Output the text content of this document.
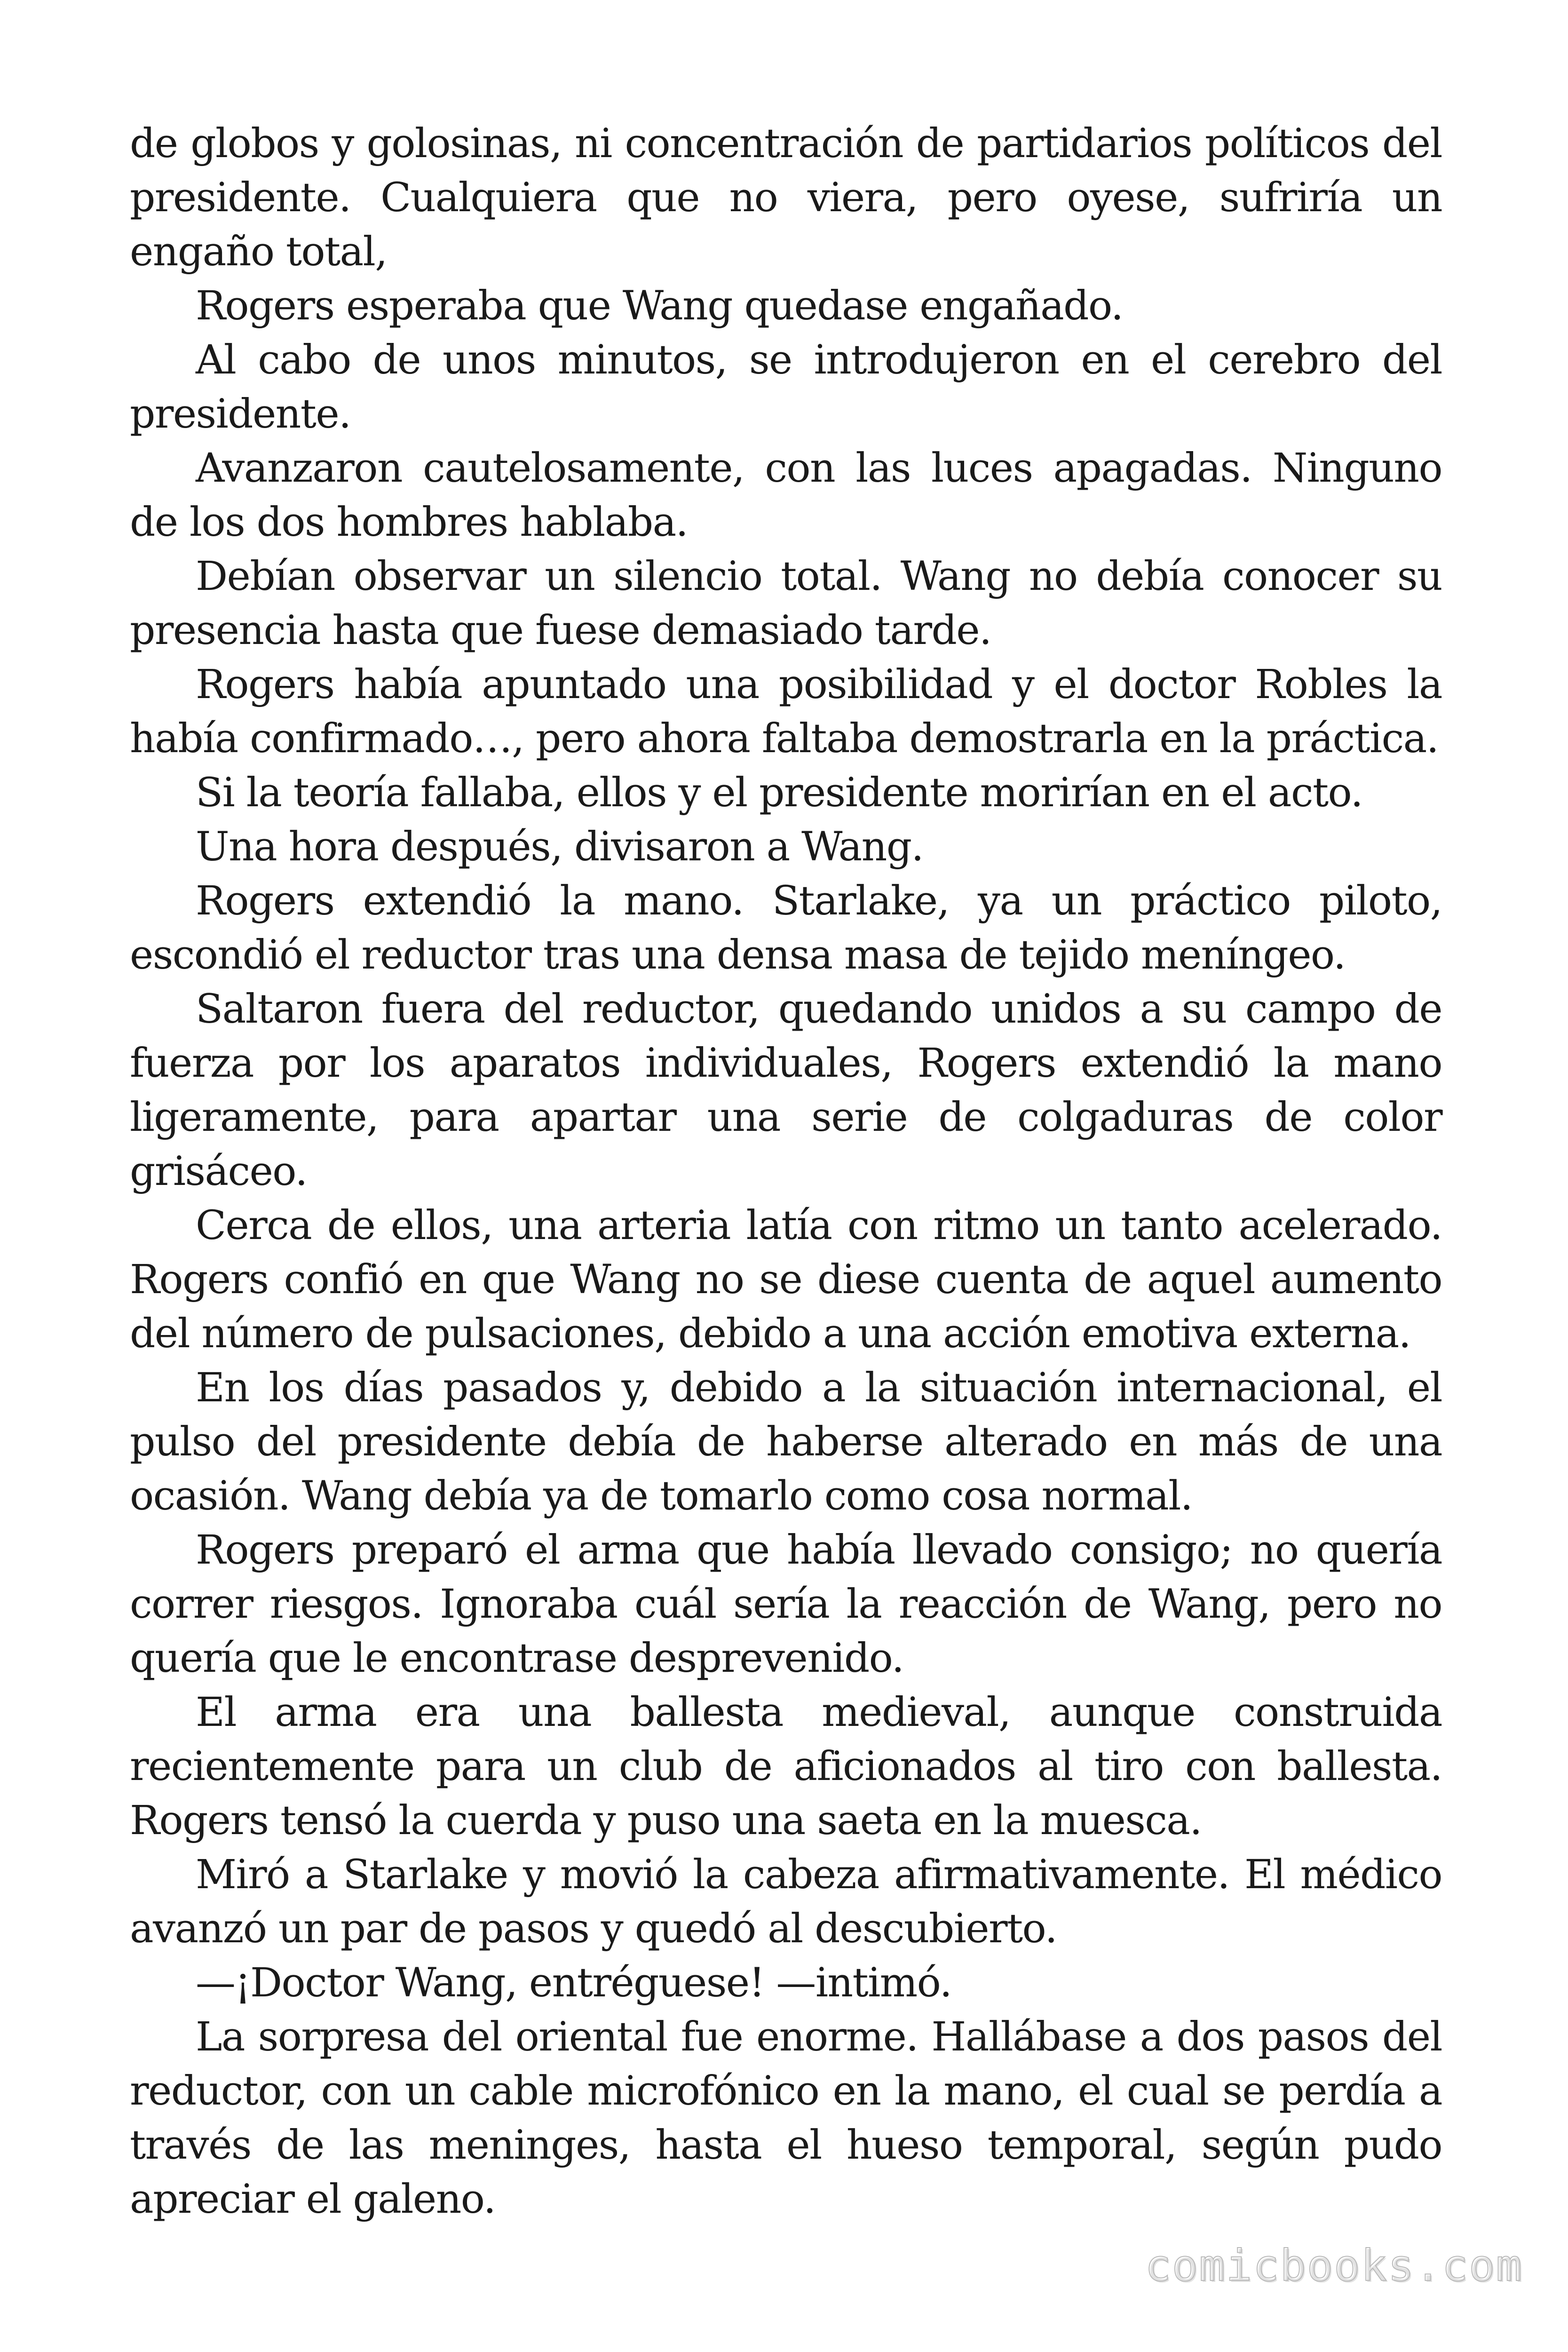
de globos y golosinas, ni concentración de partidarios políticos del presidente. Cualquiera que no viera, pero oyese, sufriría un engaño total,

Rogers esperaba que Wang quedase engañado.

Al cabo de unos minutos, se introdujeron en el cerebro del presidente.

Avanzaron cautelosamente, con las luces apagadas. Ninguno de los dos hombres hablaba.

Debían observar un silencio total. Wang no debía conocer su presencia hasta que fuese demasiado tarde.

Rogers había apuntado una posibilidad y el doctor Robles la había confirmado…, pero ahora faltaba demostrarla en la práctica.

Si la teoría fallaba, ellos y el presidente morirían en el acto.

Una hora después, divisaron a Wang.

Rogers extendió la mano. Starlake, ya un práctico piloto, escondió el reductor tras una densa masa de tejido meníngeo.

Saltaron fuera del reductor, quedando unidos a su campo de fuerza por los aparatos individuales, Rogers extendió la mano ligeramente, para apartar una serie de colgaduras de color grisáceo.

Cerca de ellos, una arteria latía con ritmo un tanto acelerado. Rogers confió en que Wang no se diese cuenta de aquel aumento del número de pulsaciones, debido a una acción emotiva externa.

En los días pasados y, debido a la situación internacional, el pulso del presidente debía de haberse alterado en más de una ocasión. Wang debía ya de tomarlo como cosa normal.

Rogers preparó el arma que había llevado consigo; no quería correr riesgos. Ignoraba cuál sería la reacción de Wang, pero no quería que le encontrase desprevenido.

El arma era una ballesta medieval, aunque construida recientemente para un club de aficionados al tiro con ballesta. Rogers tensó la cuerda y puso una saeta en la muesca.

Miró a Starlake y movió la cabeza afirmativamente. El médico avanzó un par de pasos y quedó al descubierto.

—¡Doctor Wang, entréguese! —intimó.

La sorpresa del oriental fue enorme. Hallábase a dos pasos del reductor, con un cable microfónico en la mano, el cual se perdía a través de las meninges, hasta el hueso temporal, según pudo apreciar el galeno.

comicbooks.com
